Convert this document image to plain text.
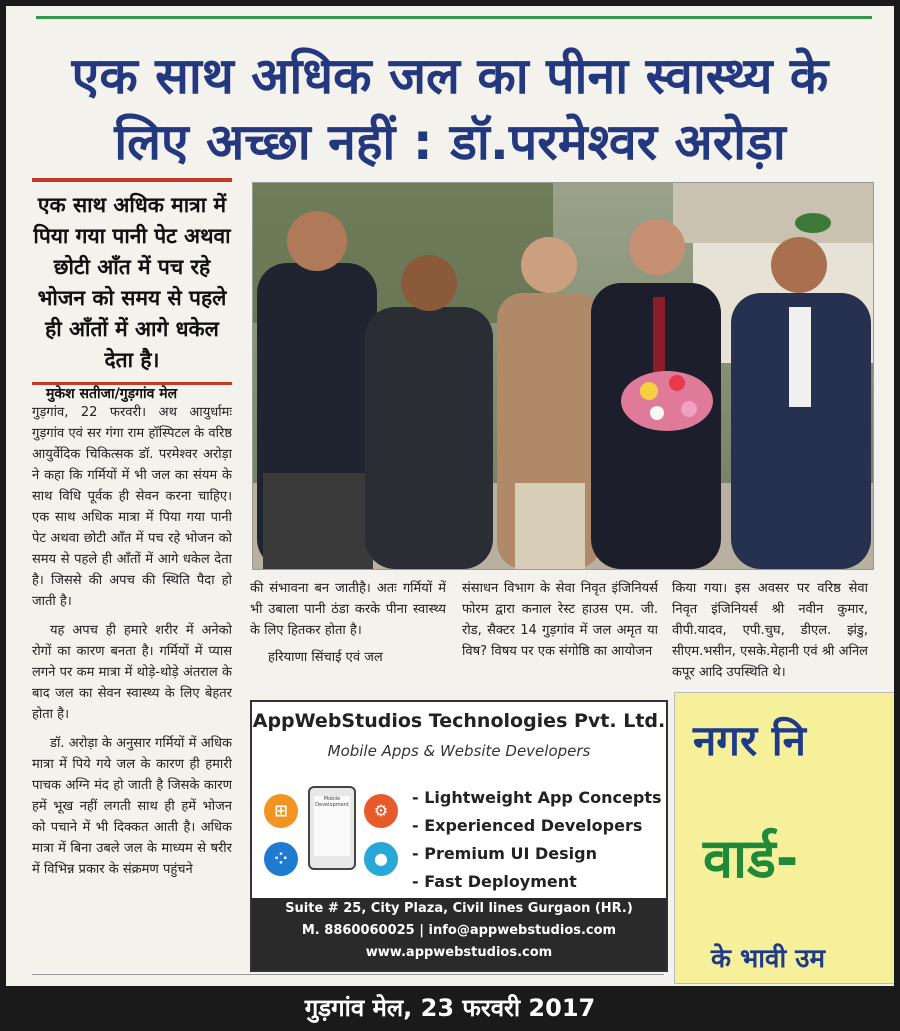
एक साथ अधिक जल का पीना स्वास्थ्य के
लिए अच्छा नहीं : डॉ.परमेश्वर अरोड़ा
एक साथ अधिक मात्रा में पिया गया पानी पेट अथवा छोटी आँत में पच रहे भोजन को समय से पहले ही आँतों में आगे धकेल देता है।
मुकेश सतीजा/गुड़गांव मेल

गुड़गांव, 22 फरवरी। अथ आयुर्धामः गुड़गांव एवं सर गंगा राम हॉस्पिटल के वरिष्ठ आयुर्वेदिक चिकित्सक डॉ. परमेश्वर अरोड़ा ने कहा कि गर्मियों में भी जल का संयम के साथ विधि पूर्वक ही सेवन करना चाहिए। एक साथ अधिक मात्रा में पिया गया पानी पेट अथवा छोटी आँत में पच रहे भोजन को समय से पहले ही आँतों में आगे धकेल देता है। जिससे की अपच की स्थिति पैदा हो जाती है।

यह अपच ही हमारे शरीर में अनेको रोगों का कारण बनता है। गर्मियों में प्यास लगने पर कम मात्रा में थोड़े-थोड़े अंतराल के बाद जल का सेवन स्वास्थ्य के लिए बेहतर होता है।

डॉ. अरोड़ा के अनुसार गर्मियों में अधिक मात्रा में पिये गये जल के कारण ही हमारी पाचक अग्नि मंद हो जाती है जिसके कारण हमें भूख नहीं लगती साथ ही हमें भोजन को पचाने में भी दिक्कत आती है। अधिक मात्रा में बिना उबले जल के माध्यम से षरीर में विभिन्न प्रकार के संक्रमण पहुंचने

की संभावना बन जातीहै। अतः गर्मियों में भी उबाला पानी ठंडा करके पीना स्वास्थ्य के लिए हितकर होता है।

हरियाणा सिंचाई एवं जल

संसाधन विभाग के सेवा निवृत इंजिनियर्स फोरम द्वारा कनाल रेस्ट हाउस एम. जी. रोड, सैक्टर 14 गुड़गांव में जल अमृत या विष? विषय पर एक संगोष्ठि का आयोजन

किया गया। इस अवसर पर वरिष्ठ सेवा निवृत इंजिनियर्स श्री नवीन कुमार, वीपी.यादव, एपी.चुघ, डीएल. झंडु, सीएम.भसीन, एसके.मेहानी एवं श्री अनिल कपूर आदि उपस्थिति थे।

AppWebStudios Technologies Pvt. Ltd.
Mobile Apps & Website Developers
⊞	⚙
⁘	●
Mobile Development	- Lightweight App Concepts
- Experienced Developers
- Premium UI Design
- Fast Deployment
Suite # 25, City Plaza, Civil lines Gurgaon (HR.)
M. 8860060025 | info@appwebstudios.com
www.appwebstudios.com
नगर नि
वार्ड-
के भावी उम
गुड़गांव मेल, 23 फरवरी 2017
